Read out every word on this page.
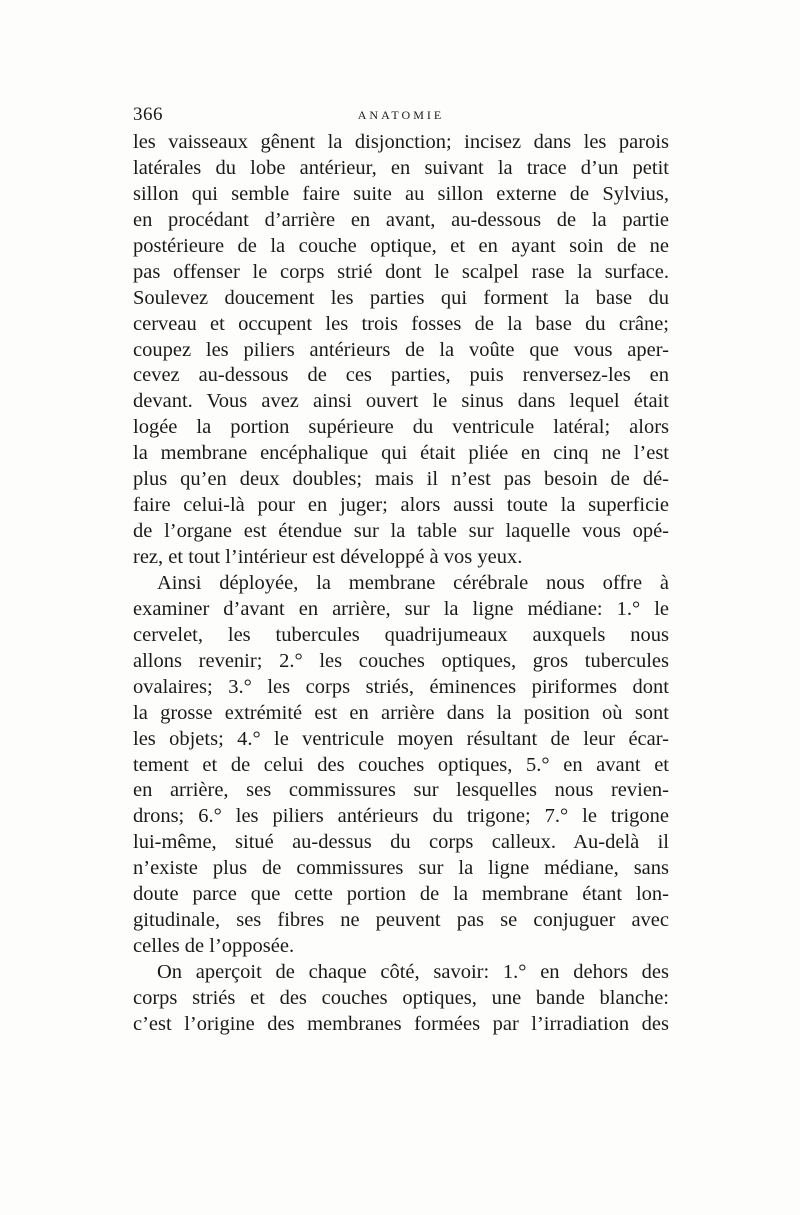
366	ANATOMIE
les vaisseaux gênent la disjonction; incisez dans les parois
latérales du lobe antérieur, en suivant la trace d’un petit
sillon qui semble faire suite au sillon externe de Sylvius,
en procédant d’arrière en avant, au-dessous de la partie
postérieure de la couche optique, et en ayant soin de ne
pas offenser le corps strié dont le scalpel rase la surface.
Soulevez doucement les parties qui forment la base du
cerveau et occupent les trois fosses de la base du crâne;
coupez les piliers antérieurs de la voûte que vous aper-
cevez au-dessous de ces parties, puis renversez-les en
devant. Vous avez ainsi ouvert le sinus dans lequel était
logée la portion supérieure du ventricule latéral; alors
la membrane encéphalique qui était pliée en cinq ne l’est
plus qu’en deux doubles; mais il n’est pas besoin de dé-
faire celui-là pour en juger; alors aussi toute la superficie
de l’organe est étendue sur la table sur laquelle vous opé-
rez, et tout l’intérieur est développé à vos yeux.
Ainsi déployée, la membrane cérébrale nous offre à
examiner d’avant en arrière, sur la ligne médiane: 1.° le
cervelet, les tubercules quadrijumeaux auxquels nous
allons revenir; 2.° les couches optiques, gros tubercules
ovalaires; 3.° les corps striés, éminences piriformes dont
la grosse extrémité est en arrière dans la position où sont
les objets; 4.° le ventricule moyen résultant de leur écar-
tement et de celui des couches optiques, 5.° en avant et
en arrière, ses commissures sur lesquelles nous revien-
drons; 6.° les piliers antérieurs du trigone; 7.° le trigone
lui-même, situé au-dessus du corps calleux. Au-delà il
n’existe plus de commissures sur la ligne médiane, sans
doute parce que cette portion de la membrane étant lon-
gitudinale, ses fibres ne peuvent pas se conjuguer avec
celles de l’opposée.
On aperçoit de chaque côté, savoir: 1.° en dehors des
corps striés et des couches optiques, une bande blanche:
c’est l’origine des membranes formées par l’irradiation des
